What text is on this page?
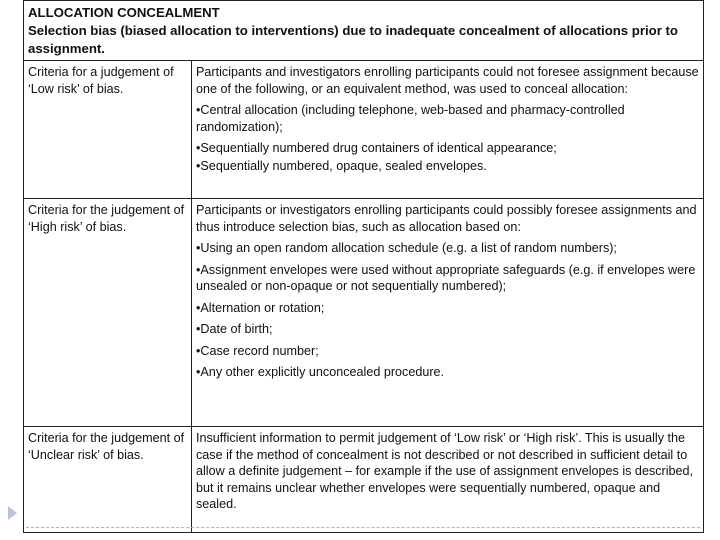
ALLOCATION CONCEALMENT
Selection bias (biased allocation to interventions) due to inadequate concealment of allocations prior to assignment.
Criteria for a judgement of ‘Low risk’ of bias.

Participants and investigators enrolling participants could not foresee assignment because one of the following, or an equivalent method, was used to conceal allocation:

•Central allocation (including telephone, web-based and pharmacy-controlled randomization);

•Sequentially numbered drug containers of identical appearance;

•Sequentially numbered, opaque, sealed envelopes.

Criteria for the judgement of ‘High risk’ of bias.

Participants or investigators enrolling participants could possibly foresee assignments and thus introduce selection bias, such as allocation based on:

•Using an open random allocation schedule (e.g. a list of random numbers);

•Assignment envelopes were used without appropriate safeguards (e.g. if envelopes were unsealed or non-opaque or not sequentially numbered);

•Alternation or rotation;

•Date of birth;

•Case record number;

•Any other explicitly unconcealed procedure.

Criteria for the judgement of ‘Unclear risk’ of bias.

Insufficient information to permit judgement of ‘Low risk’ or ‘High risk’. This is usually the case if the method of concealment is not described or not described in sufficient detail to allow a definite judgement – for example if the use of assignment envelopes is described, but it remains unclear whether envelopes were sequentially numbered, opaque and sealed.
